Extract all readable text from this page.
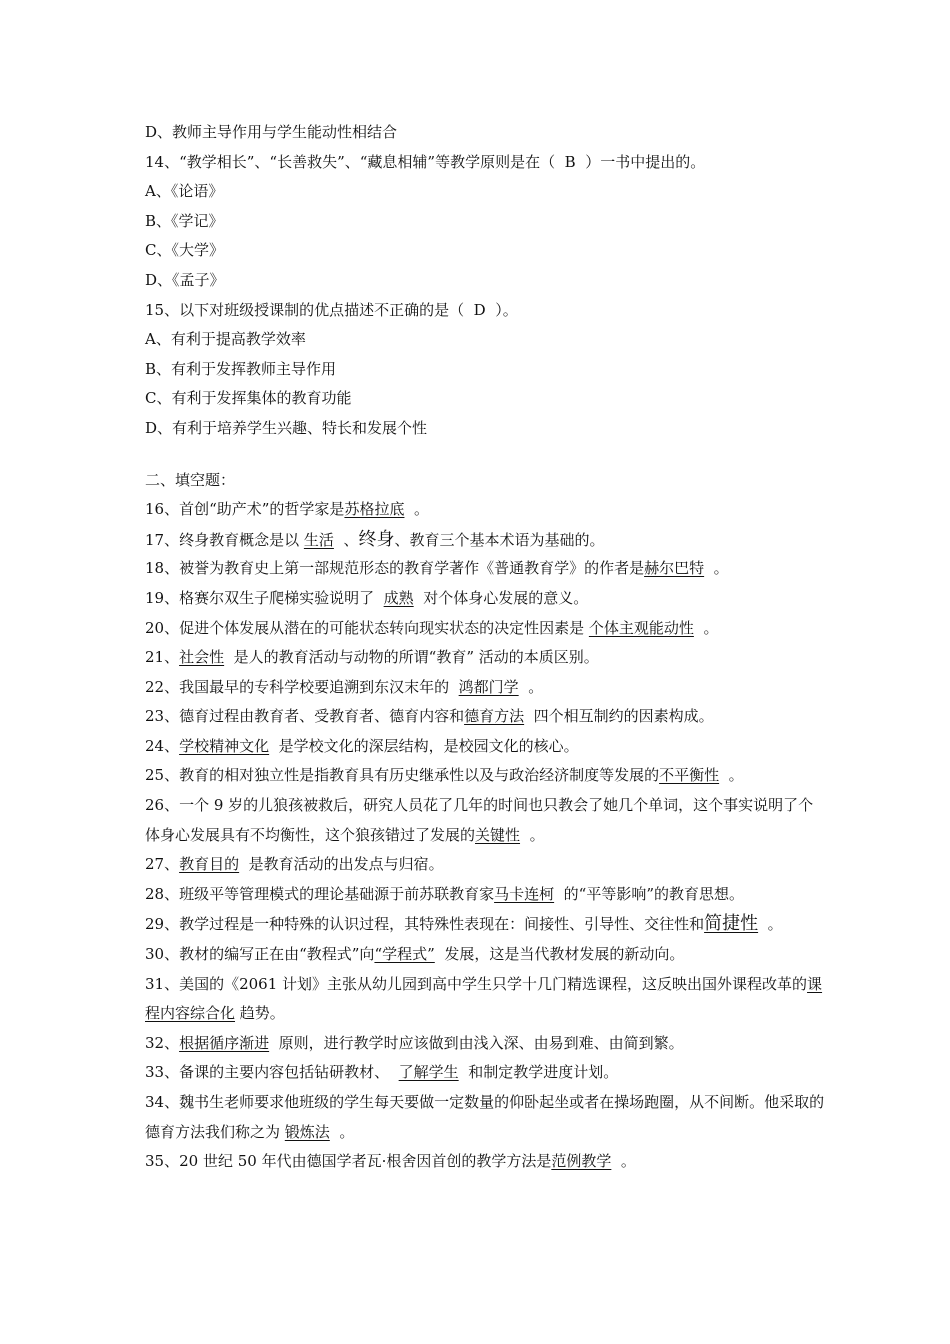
D、教师主导作用与学生能动性相结合
14、“教学相长”、“长善救失”、“藏息相辅”等教学原则是在（ B ）一书中提出的。
A、《论语》
B、《学记》
C、《大学》
D、《孟子》
15、以下对班级授课制的优点描述不正确的是（ D ）。
A、有利于提高教学效率
B、有利于发挥教师主导作用
C、有利于发挥集体的教育功能
D、有利于培养学生兴趣、特长和发展个性
二、填空题：
16、首创“助产术”的哲学家是苏格拉底 。
17、终身教育概念是以 生活 、终身、教育三个基本术语为基础的。
18、被誉为教育史上第一部规范形态的教育学著作《普通教育学》的作者是赫尔巴特 。
19、格赛尔双生子爬梯实验说明了 成熟 对个体身心发展的意义。
20、促进个体发展从潜在的可能状态转向现实状态的决定性因素是 个体主观能动性 。
21、社会性 是人的教育活动与动物的所谓“教育” 活动的本质区别。
22、我国最早的专科学校要追溯到东汉末年的 鸿都门学 。
23、德育过程由教育者、受教育者、德育内容和德育方法 四个相互制约的因素构成。
24、学校精神文化 是学校文化的深层结构，是校园文化的核心。
25、教育的相对独立性是指教育具有历史继承性以及与政治经济制度等发展的不平衡性 。
26、一个 9 岁的儿狼孩被救后，研究人员花了几年的时间也只教会了她几个单词，这个事实说明了个体身心发展具有不均衡性，这个狼孩错过了发展的关键性 。
27、教育目的 是教育活动的出发点与归宿。
28、班级平等管理模式的理论基础源于前苏联教育家马卡连柯 的“平等影响”的教育思想。
29、教学过程是一种特殊的认识过程，其特殊性表现在：间接性、引导性、交往性和简捷性 。
30、教材的编写正在由“教程式”向“学程式” 发展，这是当代教材发展的新动向。
31、美国的《2061 计划》主张从幼儿园到高中学生只学十几门精选课程，这反映出国外课程改革的课程内容综合化 趋势。
32、根据循序渐进 原则，进行教学时应该做到由浅入深、由易到难、由简到繁。
33、备课的主要内容包括钻研教材、 了解学生 和制定教学进度计划。
34、魏书生老师要求他班级的学生每天要做一定数量的仰卧起坐或者在操场跑圈，从不间断。他采取的德育方法我们称之为 锻炼法 。
35、20 世纪 50 年代由德国学者瓦·根舍因首创的教学方法是范例教学 。
